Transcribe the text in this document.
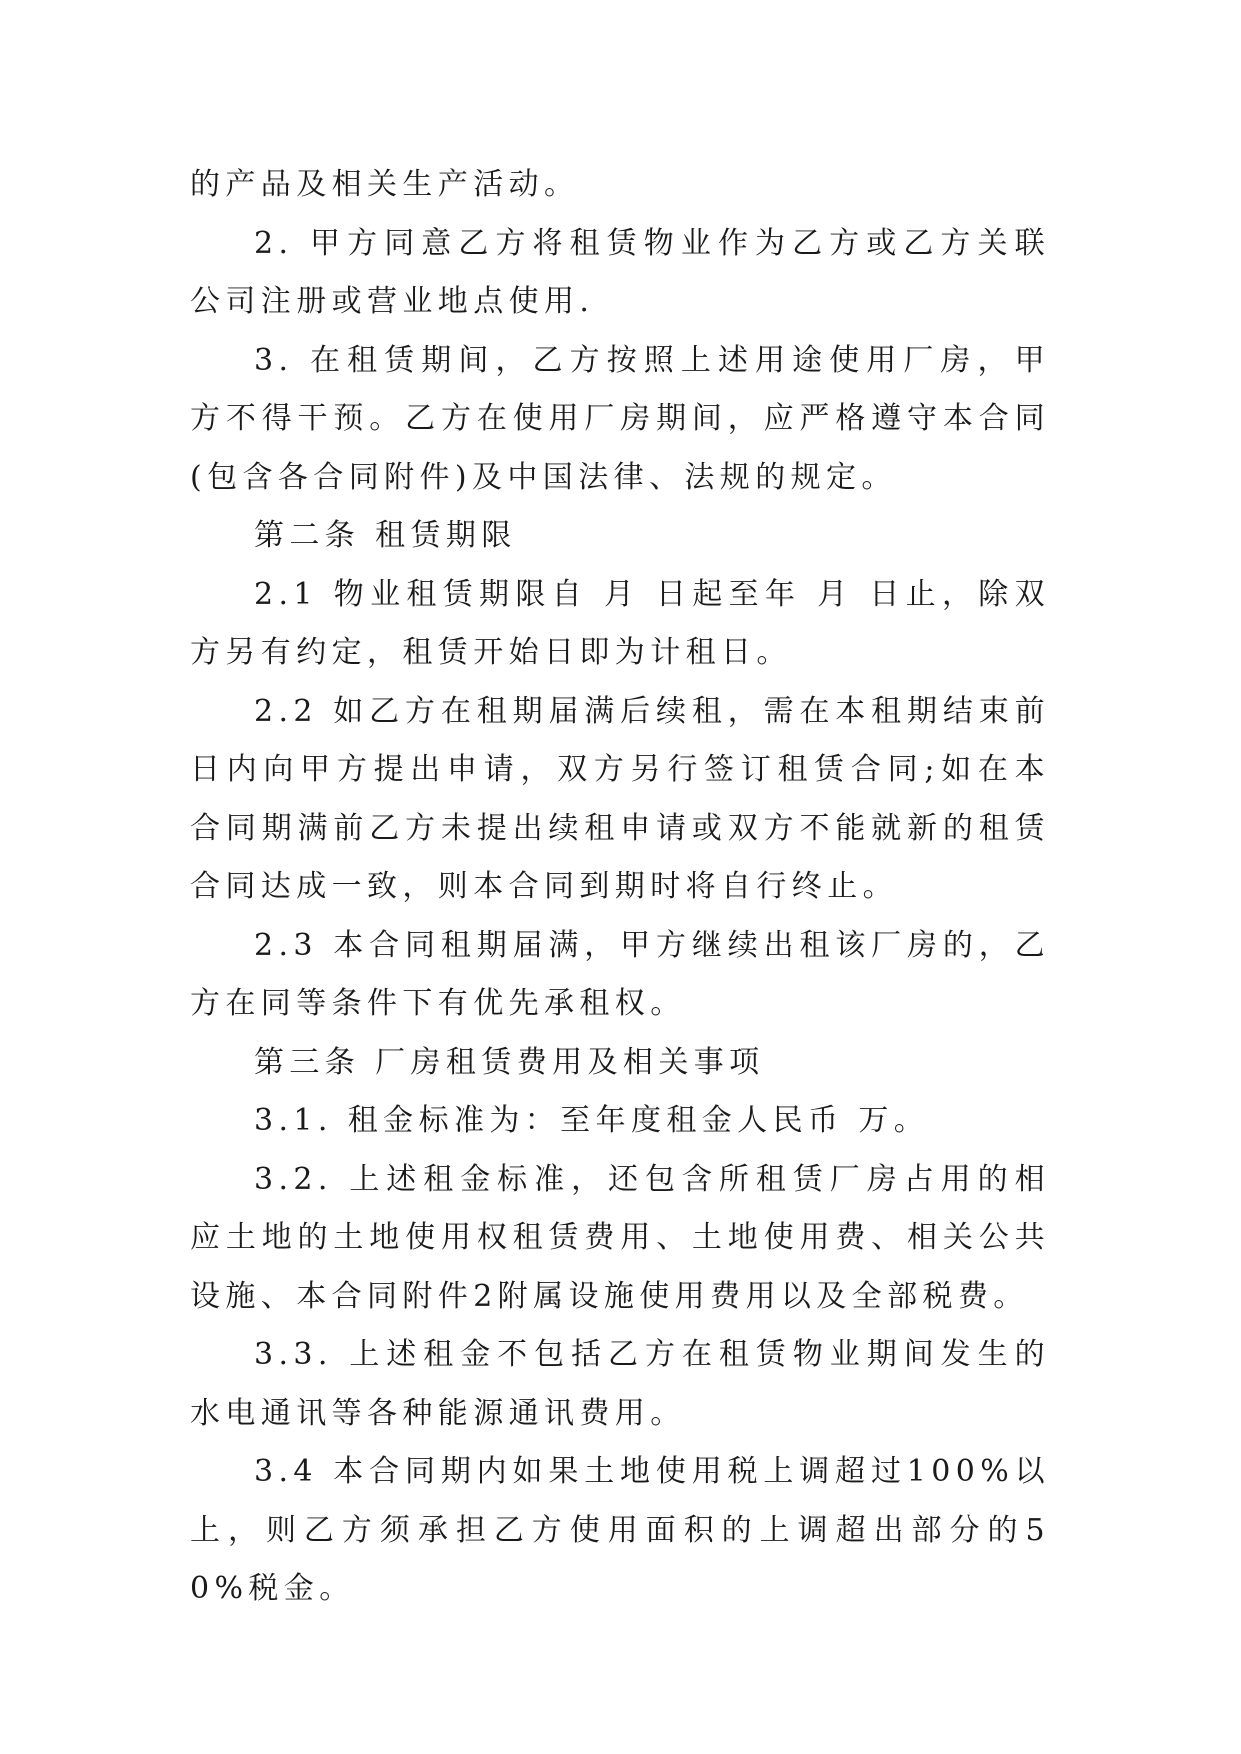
的产品及相关生产活动。

2. 甲方同意乙方将租赁物业作为乙方或乙方关联公司注册或营业地点使用.

3. 在租赁期间，乙方按照上述用途使用厂房，甲方不得干预。乙方在使用厂房期间，应严格遵守本合同(包含各合同附件)及中国法律、法规的规定。

第二条 租赁期限

2.1 物业租赁期限自 月 日起至年 月 日止，除双方另有约定，租赁开始日即为计租日。

2.2 如乙方在租期届满后续租，需在本租期结束前 日内向甲方提出申请，双方另行签订租赁合同;如在本合同期满前乙方未提出续租申请或双方不能就新的租赁合同达成一致，则本合同到期时将自行终止。

2.3 本合同租期届满，甲方继续出租该厂房的，乙方在同等条件下有优先承租权。

第三条 厂房租赁费用及相关事项

3.1. 租金标准为：至年度租金人民币 万。

3.2. 上述租金标准，还包含所租赁厂房占用的相应土地的土地使用权租赁费用、土地使用费、相关公共设施、本合同附件2附属设施使用费用以及全部税费。

3.3. 上述租金不包括乙方在租赁物业期间发生的水电通讯等各种能源通讯费用。

3.4 本合同期内如果土地使用税上调超过100%以上，则乙方须承担乙方使用面积的上调超出部分的50%税金。
